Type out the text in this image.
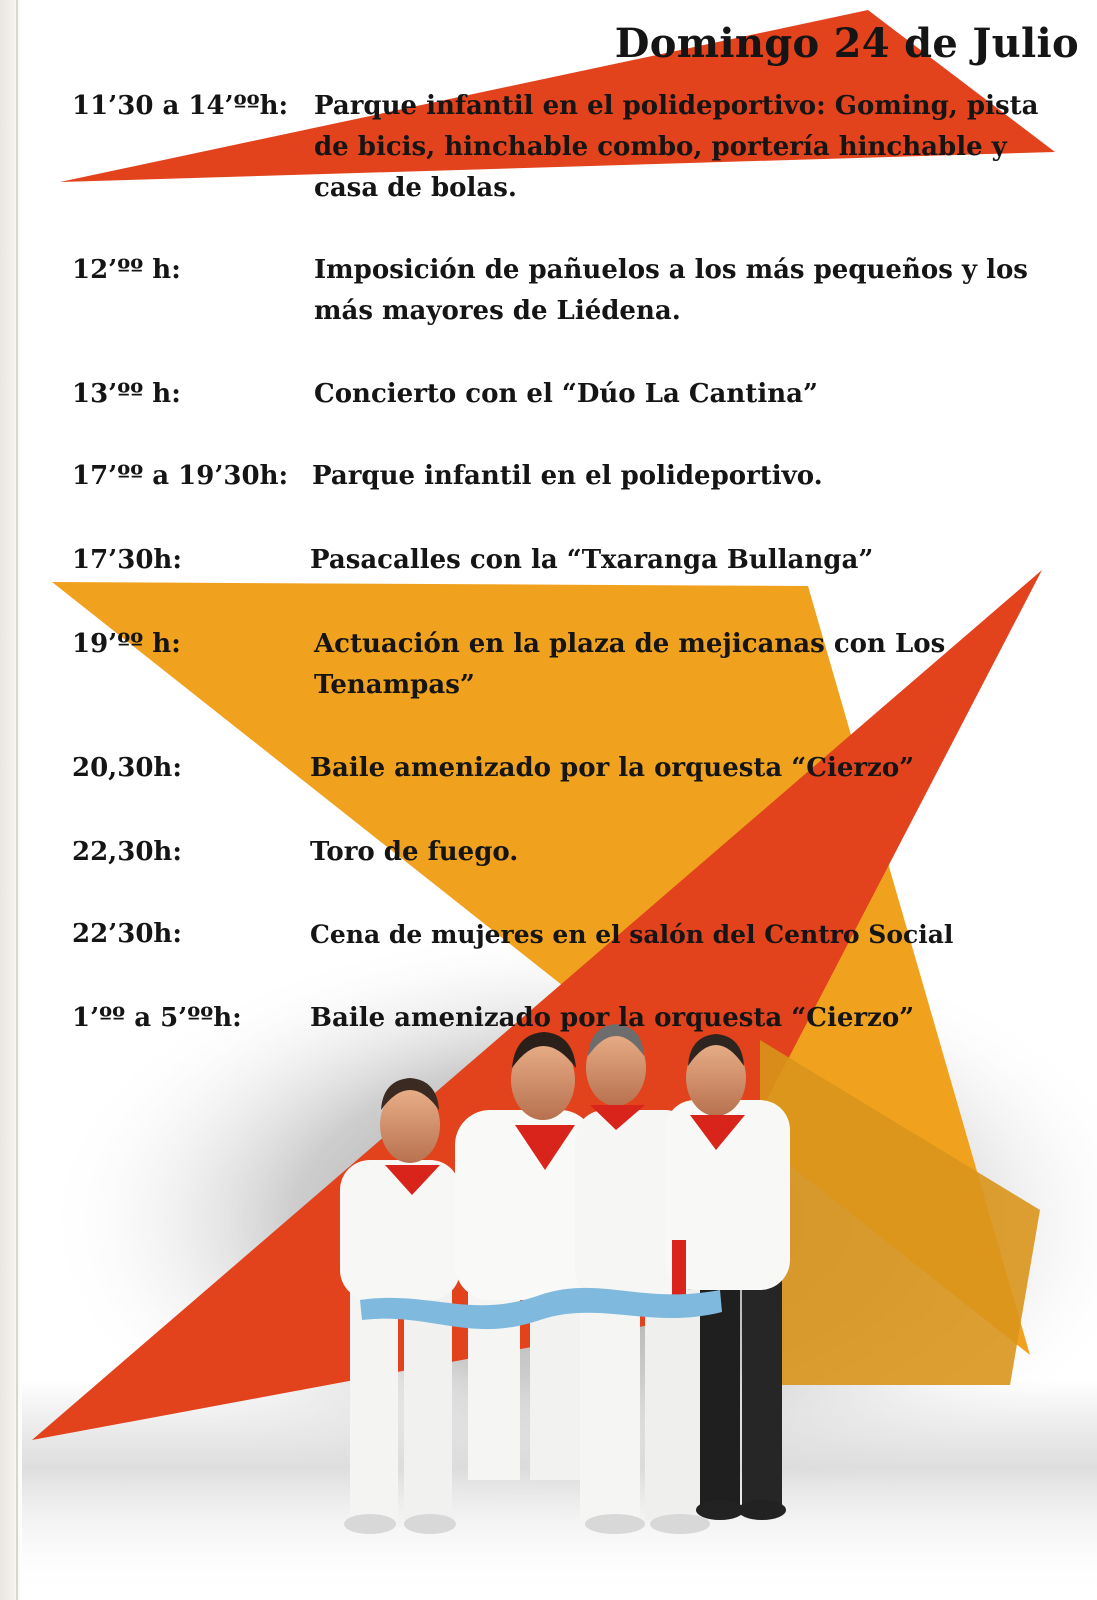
Domingo 24 de Julio
11’30 a 14’ººh: Parque infantil en el polideportivo: Goming, pista de bicis, hinchable combo, portería hinchable y casa de bolas.
12’ºº h:	Imposición de pañuelos a los más pequeños y los más mayores de Liédena.
13’ºº h:	Concierto con el “Dúo La Cantina”
17’ºº a 19’30h: Parque infantil en el polideportivo.
17’30h:	Pasacalles con la “Txaranga Bullanga”
19’ºº h:	Actuación en la plaza de mejicanas con Los Tenampas”
20,30h:	Baile amenizado por la orquesta “Cierzo”
22,30h:	Toro de fuego.
22’30h:	Cena de mujeres en el salón del Centro Social
1’ºº a 5’ººh:	Baile amenizado por la orquesta “Cierzo”
